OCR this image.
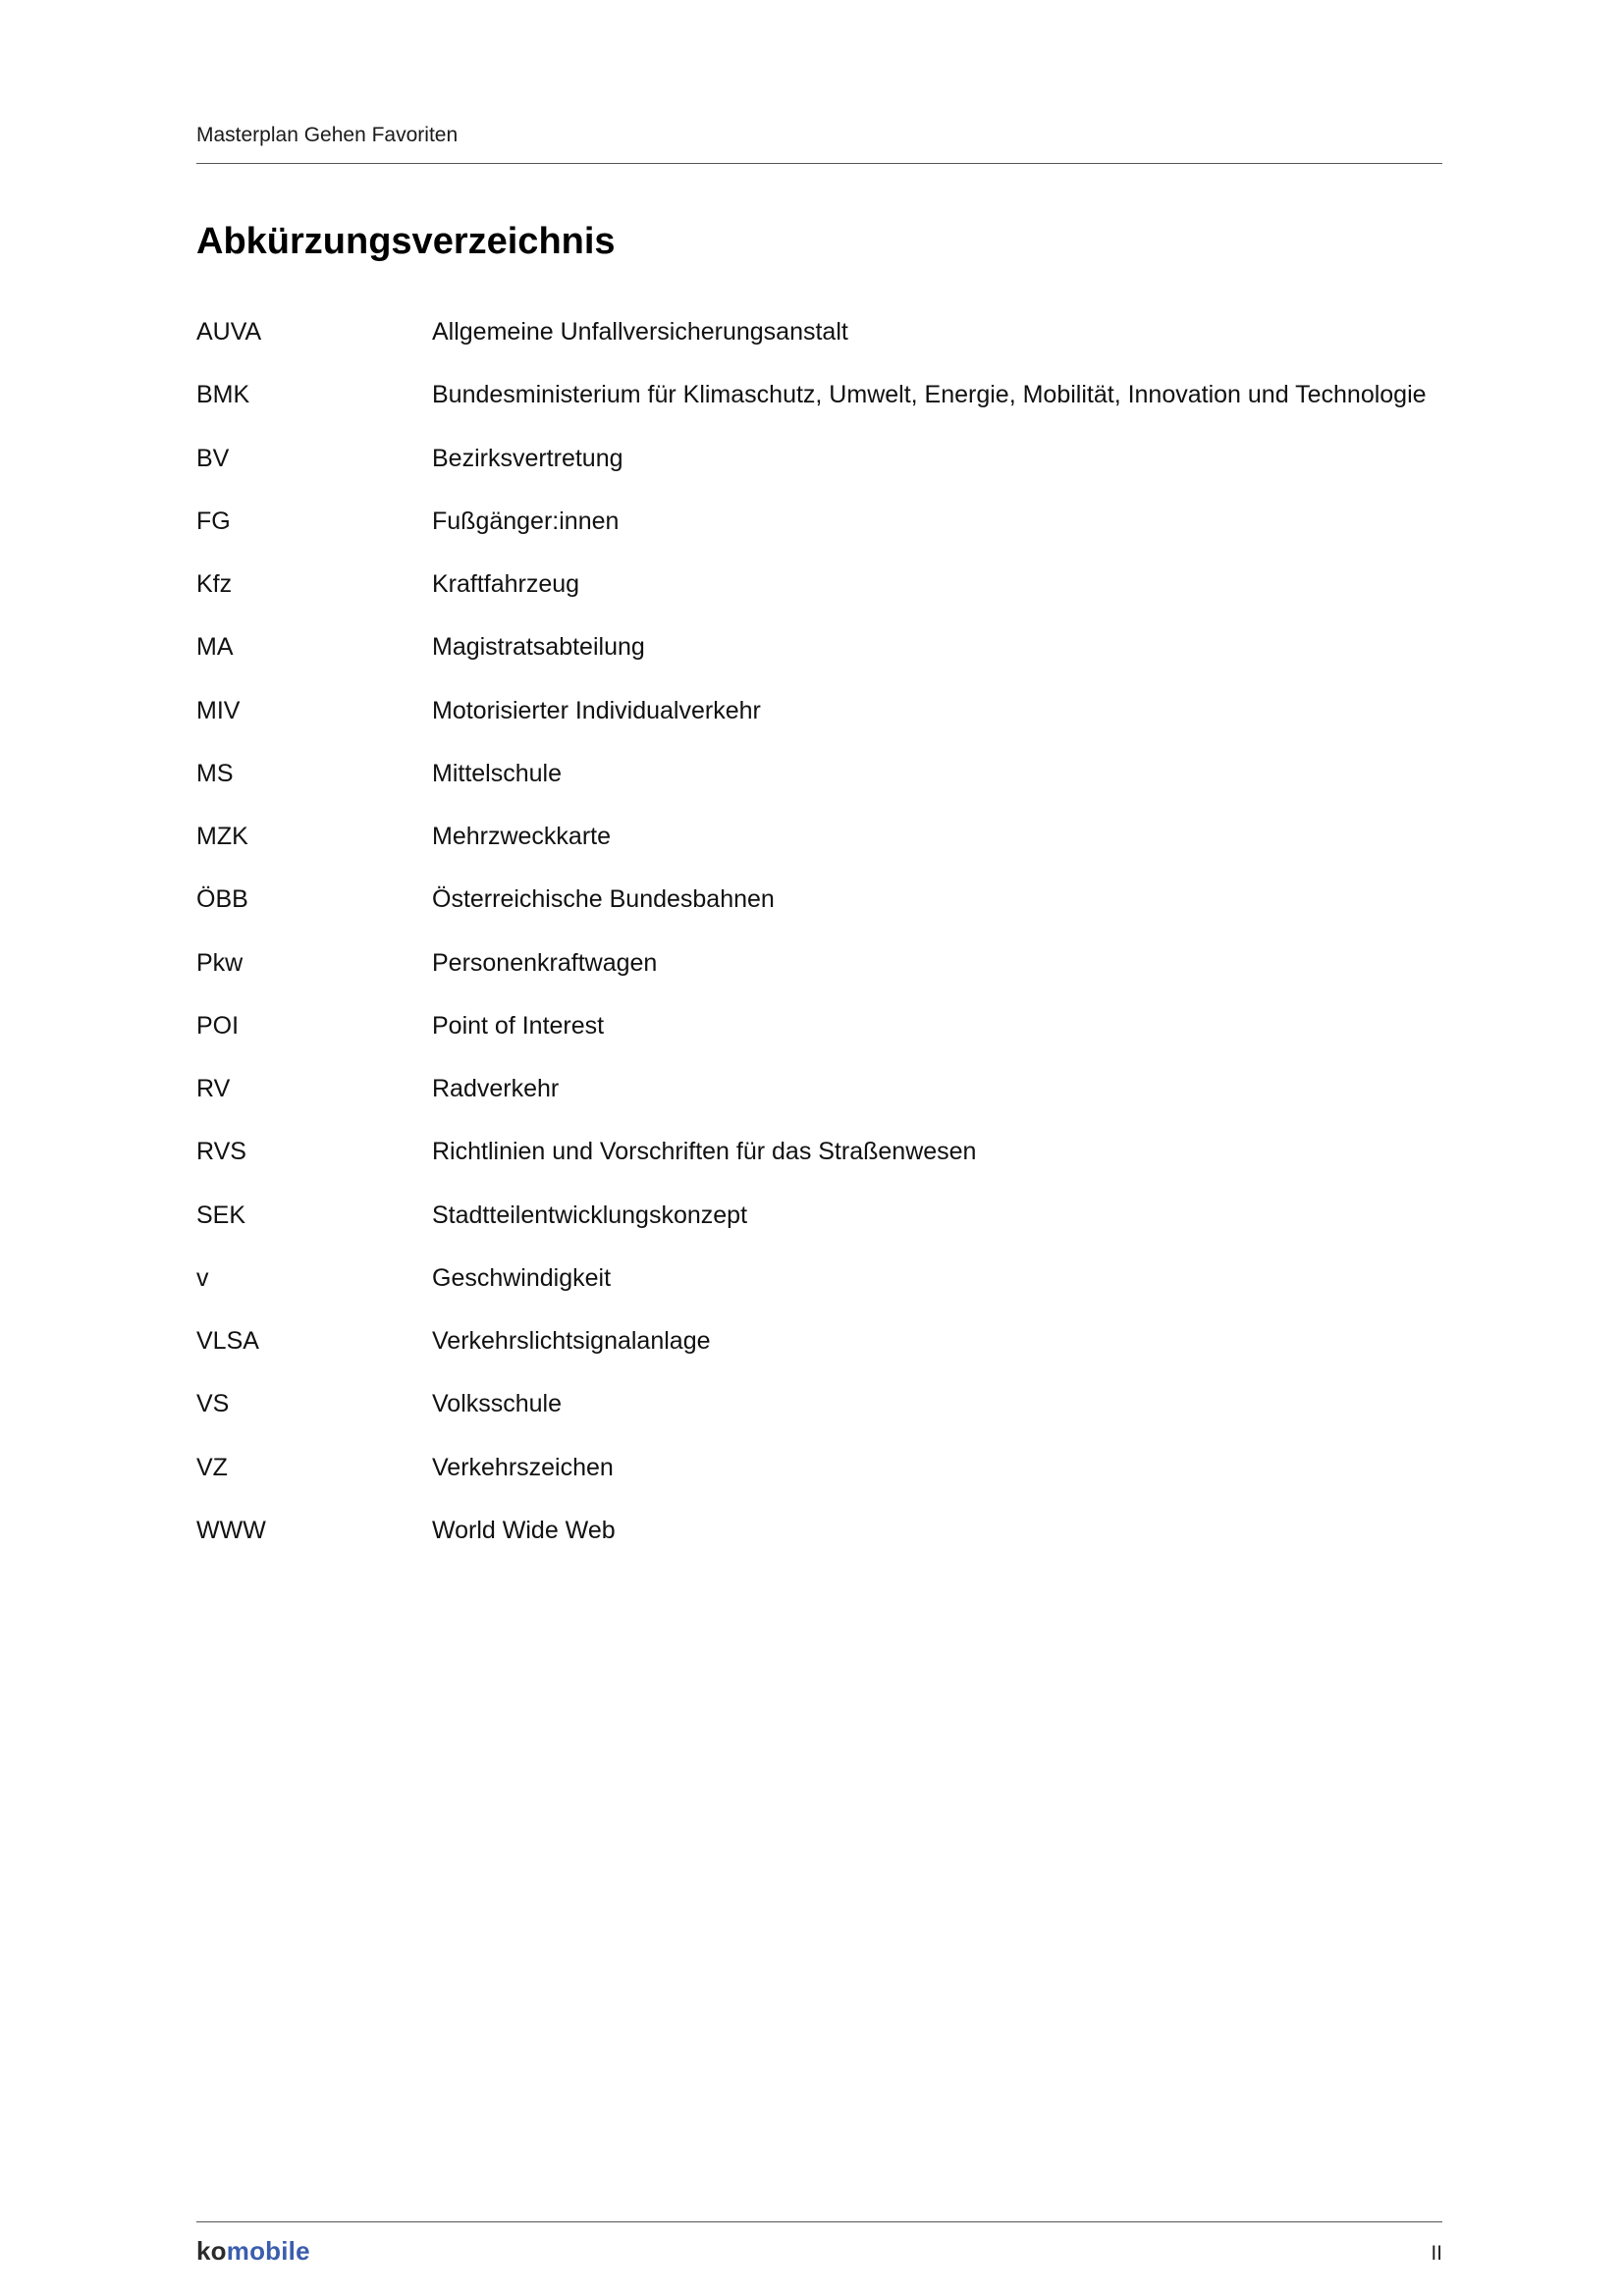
Masterplan Gehen Favoriten
Abkürzungsverzeichnis
AUVA	Allgemeine Unfallversicherungsanstalt
BMK	Bundesministerium für Klimaschutz, Umwelt, Energie, Mobilität, Innovation und Technologie
BV	Bezirksvertretung
FG	Fußgänger:innen
Kfz	Kraftfahrzeug
MA	Magistratsabteilung
MIV	Motorisierter Individualverkehr
MS	Mittelschule
MZK	Mehrzweckkarte
ÖBB	Österreichische Bundesbahnen
Pkw	Personenkraftwagen
POI	Point of Interest
RV	Radverkehr
RVS	Richtlinien und Vorschriften für das Straßenwesen
SEK	Stadtteilentwicklungskonzept
v	Geschwindigkeit
VLSA	Verkehrslichtsignalanlage
VS	Volksschule
VZ	Verkehrszeichen
WWW	World Wide Web
komobile	II
